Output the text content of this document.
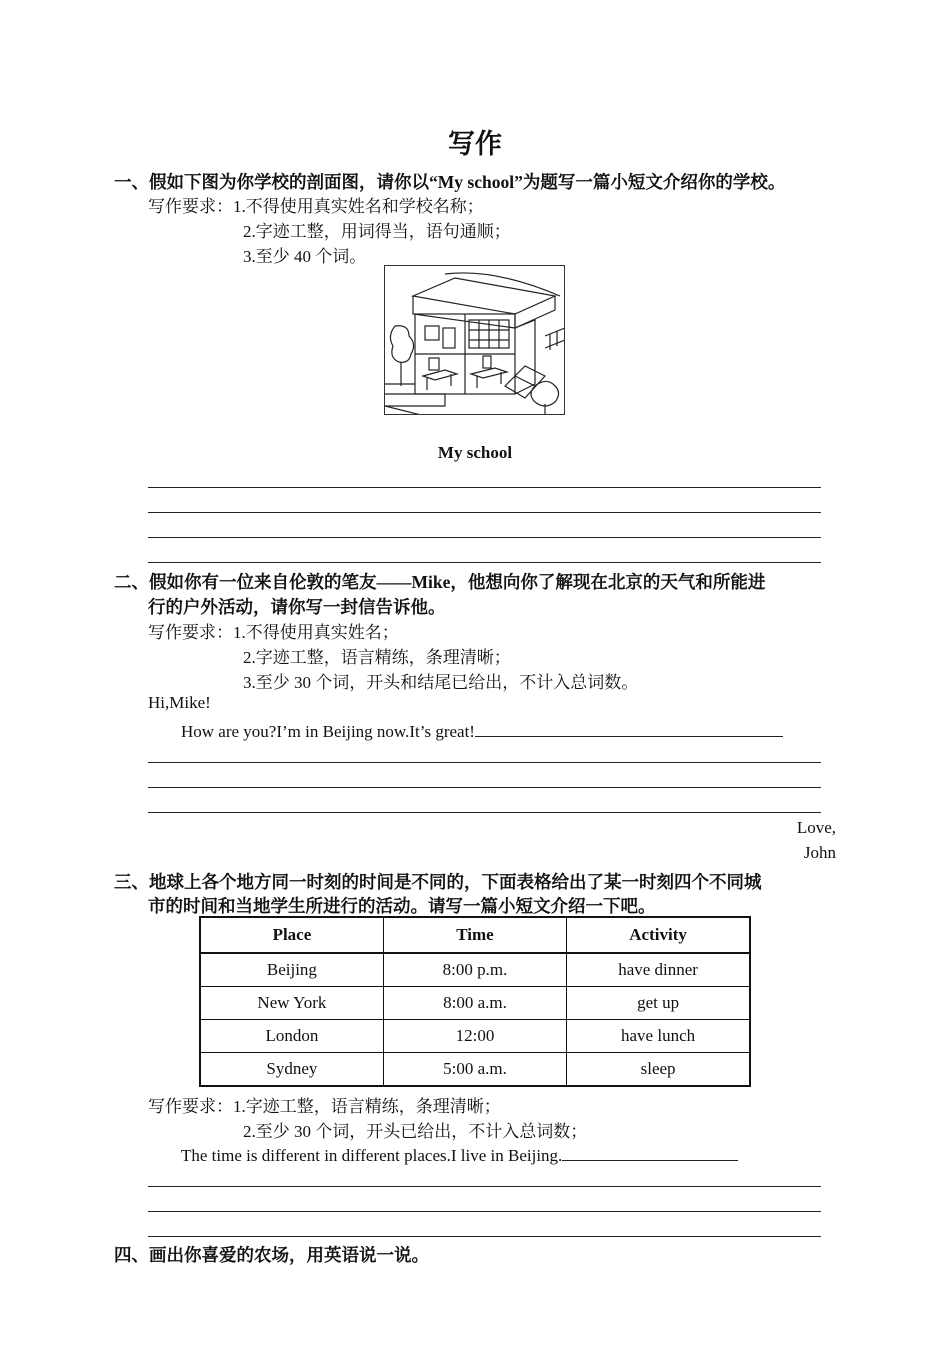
写作
一、假如下图为你学校的剖面图，请你以“My school”为题写一篇小短文介绍你的学校。
写作要求：1.不得使用真实姓名和学校名称；
2.字迹工整，用词得当，语句通顺；
3.至少 40 个词。
My school
二、假如你有一位来自伦敦的笔友——Mike，他想向你了解现在北京的天气和所能进
行的户外活动，请你写一封信告诉他。
写作要求：1.不得使用真实姓名；
2.字迹工整，语言精练，条理清晰；
3.至少 30 个词，开头和结尾已给出，不计入总词数。
Hi,Mike!
How are you?I’m in Beijing now.It’s great!
Love,
John
三、地球上各个地方同一时刻的时间是不同的，下面表格给出了某一时刻四个不同城
市的时间和当地学生所进行的活动。请写一篇小短文介绍一下吧。
Place	Time	Activity
Beijing	8:00 p.m.	have dinner
New York	8:00 a.m.	get up
London	12:00	have lunch
Sydney	5:00 a.m.	sleep
写作要求：1.字迹工整，语言精练，条理清晰；
2.至少 30 个词，开头已给出，不计入总词数；
The time is different in different places.I live in Beijing.
四、画出你喜爱的农场，用英语说一说。
